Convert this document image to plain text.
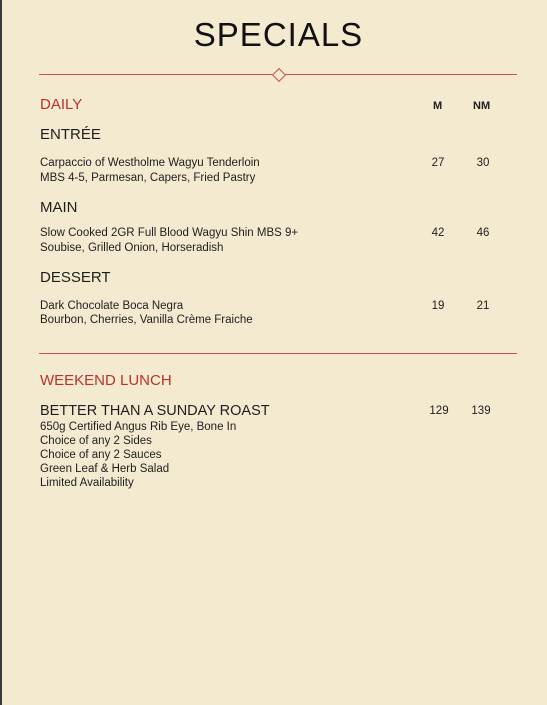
SPECIALS
DAILY	M	NM
ENTRÉE
Carpaccio of Westholme Wagyu Tenderloin
MBS 4-5, Parmesan, Capers, Fried Pastry
27	30
MAIN
Slow Cooked 2GR Full Blood Wagyu Shin MBS 9+
Soubise, Grilled Onion, Horseradish
42	46
DESSERT
Dark Chocolate Boca Negra
Bourbon, Cherries, Vanilla Crème Fraiche
19	21
WEEKEND LUNCH
BETTER THAN A SUNDAY ROAST	129	139
650g Certified Angus Rib Eye, Bone In
Choice of any 2 Sides
Choice of any 2 Sauces
Green Leaf & Herb Salad
Limited Availability
